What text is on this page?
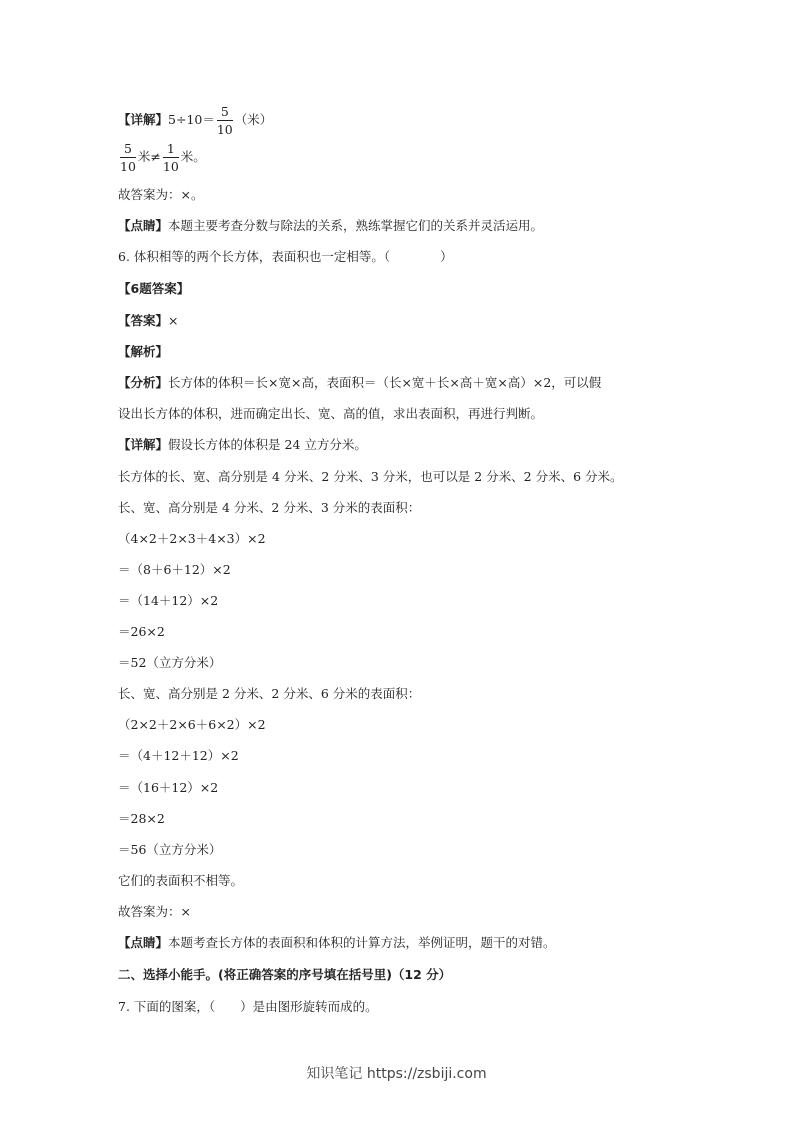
【详解】$5\div 10= \frac{5}{10}$ （米）
$\frac{5}{10}$ 米≠ $\frac{1}{10}$ 米。
故答案为：×。
【点睛】本题主要考查分数与除法的关系，熟练掌握它们的关系并灵活运用。
6. 体积相等的两个长方体，表面积也一定相等。（　　　　）
【6题答案】
【答案】×
【解析】
【分析】长方体的体积＝长×宽×高，表面积＝（长×宽＋长×高＋宽×高）×2，可以假
设出长方体的体积，进而确定出长、宽、高的值，求出表面积，再进行判断。
【详解】假设长方体的体积是 24 立方分米。
长方体的长、宽、高分别是 4 分米、2 分米、3 分米，也可以是 2 分米、2 分米、6 分米。
长、宽、高分别是 4 分米、2 分米、3 分米的表面积：
（4×2＋2×3＋4×3）×2
＝（8＋6＋12）×2
＝（14＋12）×2
＝26×2
＝52（立方分米）
长、宽、高分别是 2 分米、2 分米、6 分米的表面积：
（2×2＋2×6＋6×2）×2
＝（4＋12＋12）×2
＝（16＋12）×2
＝28×2
＝56（立方分米）
它们的表面积不相等。
故答案为：×
【点睛】本题考查长方体的表面积和体积的计算方法，举例证明，题干的对错。
二、选择小能手。(将正确答案的序号填在括号里)（12 分）
7. 下面的图案，（　　）是由图形旋转而成的。
知识笔记 https://zsbiji.com
